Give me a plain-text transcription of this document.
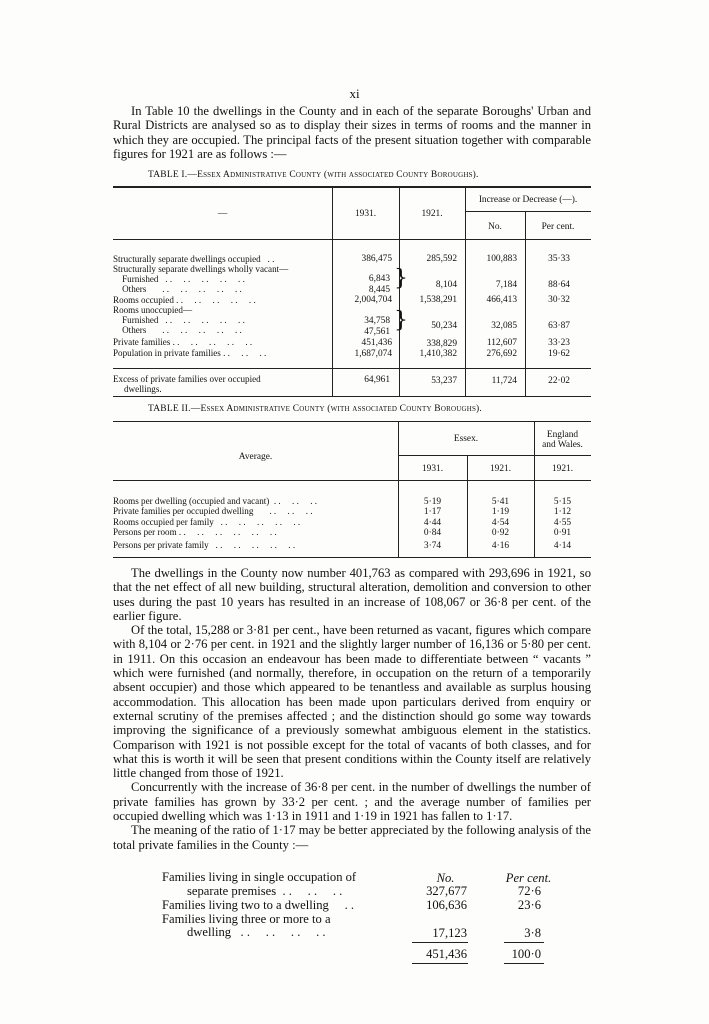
xi

In Table 10 the dwellings in the County and in each of the separate Boroughs' Urban and Rural Districts are analysed so as to display their sizes in terms of rooms and the manner in which they are occupied. The principal facts of the present situation together with comparable figures for 1921 are as follows :—

TABLE I.—Essex Administrative County (with associated County Boroughs).
—	1931.	1921.
Increase or Decrease (—).
No.	Per cent.
Structurally separate dwellings occupied   . .	386,475	285,592	100,883	35·33
Structurally separate dwellings wholly vacant—
Furnished   . .     . .     . .     . .     . .	6,843
Others       . .     . .     . .     . .     . .	8,445 }	8,104	7,184	88·64
Rooms occupied . .     . .     . .     . .     . .	2,004,704	1,538,291	466,413	30·32
Rooms unoccupied—
Furnished   . .     . .     . .     . .     . .	34,758
Others       . .     . .     . .     . .     . .	47,561 }	50,234	32,085	63·87
Private families . .     . .     . .     . .     . .	451,436	338,829	112,607	33·23
Population in private families . .     . .     . .	1,687,074	1,410,382	276,692	19·62
Excess of private families over occupied
dwellings.
64,961	53,237	11,724	22·02
TABLE II.—Essex Administrative County (with associated County Boroughs).
Average.
Essex.	England
and Wales.
1931.	1921.	1921.
Rooms per dwelling (occupied and vacant)  . .     . .     . .	5·19	5·41	5·15
Private families per occupied dwelling       . .     . .     . .	1·17	1·19	1·12
Rooms occupied per family   . .     . .     . .     . .     . .	4·44	4·54	4·55
Persons per room . .     . .     . .     . .     . .     . .	0·84	0·92	0·91
Persons per private family   . .     . .     . .     . .     . .	3·74	4·16	4·14

The dwellings in the County now number 401,763 as compared with 293,696 in 1921, so that the net effect of all new building, structural alteration, demolition and conversion to other uses during the past 10 years has resulted in an increase of 108,067 or 36·8 per cent. of the earlier figure.

Of the total, 15,288 or 3·81 per cent., have been returned as vacant, figures which compare with 8,104 or 2·76 per cent. in 1921 and the slightly larger number of 16,136 or 5·80 per cent. in 1911. On this occasion an endeavour has been made to differentiate between “ vacants ” which were furnished (and normally, therefore, in occupation on the return of a temporarily absent occupier) and those which appeared to be tenantless and available as surplus housing accommodation. This allocation has been made upon particulars derived from enquiry or external scrutiny of the premises affected ; and the distinction should go some way towards improving the significance of a previously somewhat ambiguous element in the statistics. Comparison with 1921 is not possible except for the total of vacants of both classes, and for what this is worth it will be seen that present conditions within the County itself are relatively little changed from those of 1921.

Concurrently with the increase of 36·8 per cent. in the number of dwellings the number of private families has grown by 33·2 per cent. ; and the average number of families per occupied dwelling which was 1·13 in 1911 and 1·19 in 1921 has fallen to 1·17.

The meaning of the ratio of 1·17 may be better appreciated by the following analysis of the total private families in the County :—

No.	Per cent.
Families living in single occupation of
separate premises  . .     . .     . .	327,677	72·6
Families living two to a dwelling     . .	106,636	23·6
Families living three or more to a
dwelling   . .     . .     . .     . .	17,123	3·8
451,436	100·0
